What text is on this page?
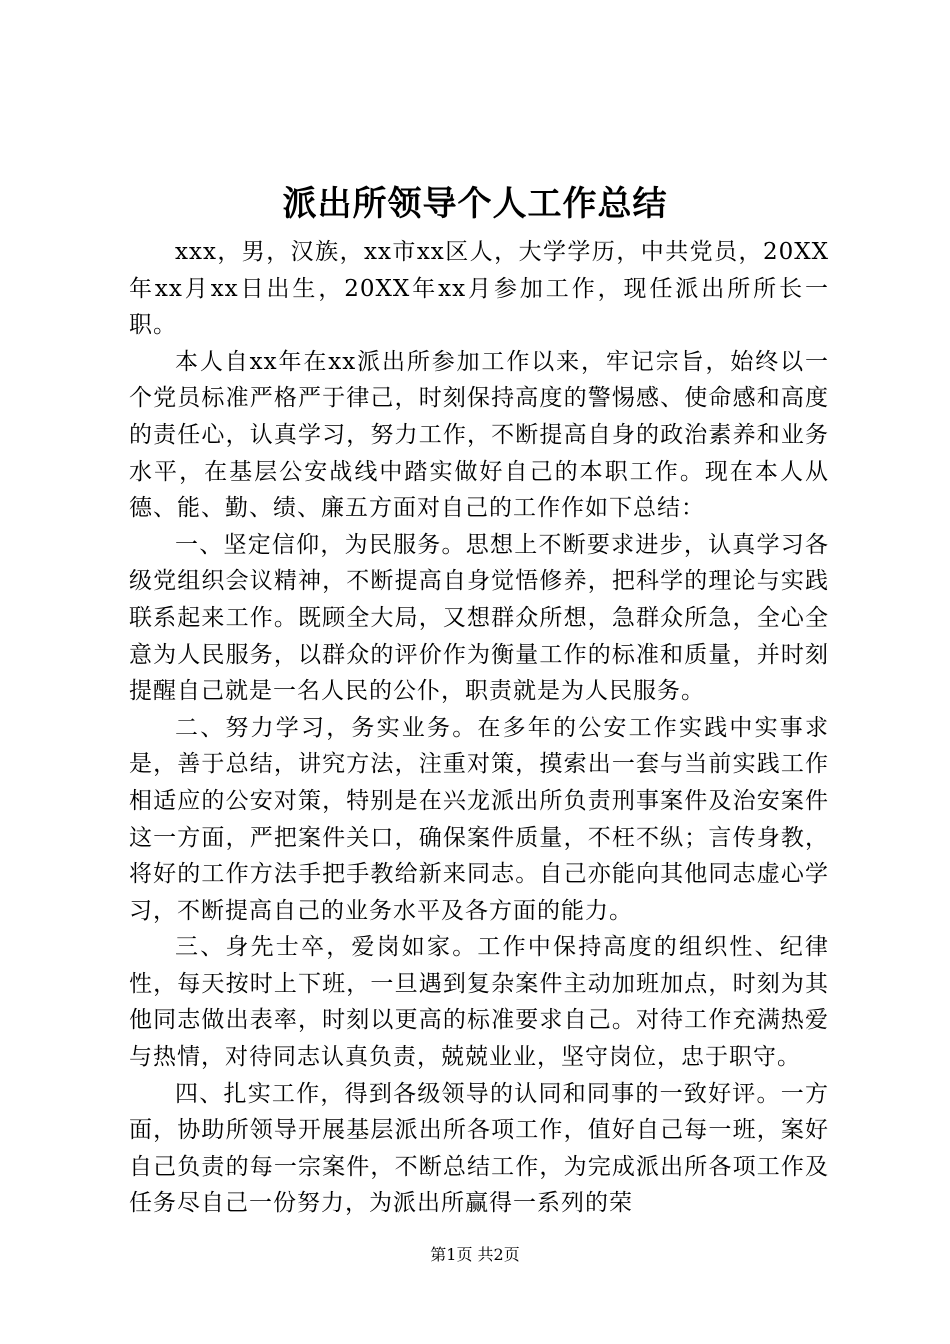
派出所领导个人工作总结

xxx，男，汉族，xx市xx区人，大学学历，中共党员，20XX年xx月xx日出生，20XX年xx月参加工作，现任派出所所长一职。

本人自xx年在xx派出所参加工作以来，牢记宗旨，始终以一个党员标准严格严于律己，时刻保持高度的警惕感、使命感和高度的责任心，认真学习，努力工作，不断提高自身的政治素养和业务水平，在基层公安战线中踏实做好自己的本职工作。现在本人从德、能、勤、绩、廉五方面对自己的工作作如下总结：

一、坚定信仰，为民服务。思想上不断要求进步，认真学习各级党组织会议精神，不断提高自身觉悟修养，把科学的理论与实践联系起来工作。既顾全大局，又想群众所想，急群众所急，全心全意为人民服务，以群众的评价作为衡量工作的标准和质量，并时刻提醒自己就是一名人民的公仆，职责就是为人民服务。

二、努力学习，务实业务。在多年的公安工作实践中实事求是，善于总结，讲究方法，注重对策，摸索出一套与当前实践工作相适应的公安对策，特别是在兴龙派出所负责刑事案件及治安案件这一方面，严把案件关口，确保案件质量，不枉不纵；言传身教，将好的工作方法手把手教给新来同志。自己亦能向其他同志虚心学习，不断提高自己的业务水平及各方面的能力。

三、身先士卒，爱岗如家。工作中保持高度的组织性、纪律性，每天按时上下班，一旦遇到复杂案件主动加班加点，时刻为其他同志做出表率，时刻以更高的标准要求自己。对待工作充满热爱与热情，对待同志认真负责，兢兢业业，坚守岗位，忠于职守。

四、扎实工作，得到各级领导的认同和同事的一致好评。一方面，协助所领导开展基层派出所各项工作，值好自己每一班，案好自己负责的每一宗案件，不断总结工作，为完成派出所各项工作及任务尽自己一份努力，为派出所赢得一系列的荣

第1页 共2页
